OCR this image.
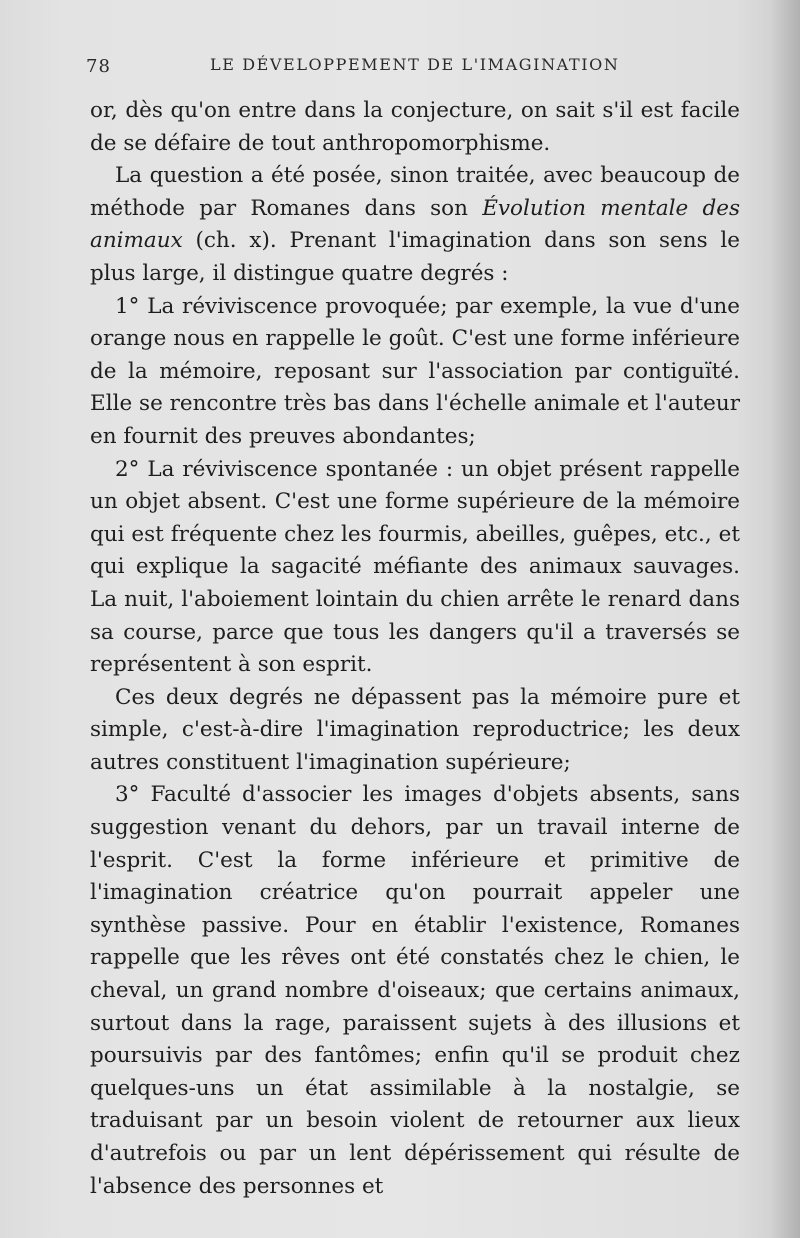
78	LE DÉVELOPPEMENT DE L'IMAGINATION

or, dès qu'on entre dans la conjecture, on sait s'il est facile de se défaire de tout anthropomorphisme.

La question a été posée, sinon traitée, avec beaucoup de méthode par Romanes dans son Évolution mentale des animaux (ch. x). Prenant l'imagination dans son sens le plus large, il distingue quatre degrés :

1° La réviviscence provoquée; par exemple, la vue d'une orange nous en rappelle le goût. C'est une forme inférieure de la mémoire, reposant sur l'association par contiguïté. Elle se rencontre très bas dans l'échelle animale et l'auteur en fournit des preuves abondantes;

2° La réviviscence spontanée : un objet présent rappelle un objet absent. C'est une forme supérieure de la mémoire qui est fréquente chez les fourmis, abeilles, guêpes, etc., et qui explique la sagacité méfiante des animaux sauvages. La nuit, l'aboiement lointain du chien arrête le renard dans sa course, parce que tous les dangers qu'il a traversés se représentent à son esprit.

Ces deux degrés ne dépassent pas la mémoire pure et simple, c'est-à-dire l'imagination reproductrice; les deux autres constituent l'imagination supérieure;

3° Faculté d'associer les images d'objets absents, sans suggestion venant du dehors, par un travail interne de l'esprit. C'est la forme inférieure et primitive de l'imagination créatrice qu'on pourrait appeler une synthèse passive. Pour en établir l'existence, Romanes rappelle que les rêves ont été constatés chez le chien, le cheval, un grand nombre d'oiseaux; que certains animaux, surtout dans la rage, paraissent sujets à des illusions et poursuivis par des fantômes; enfin qu'il se produit chez quelques-uns un état assimilable à la nostalgie, se traduisant par un besoin violent de retourner aux lieux d'autrefois ou par un lent dépérissement qui résulte de l'absence des personnes et
